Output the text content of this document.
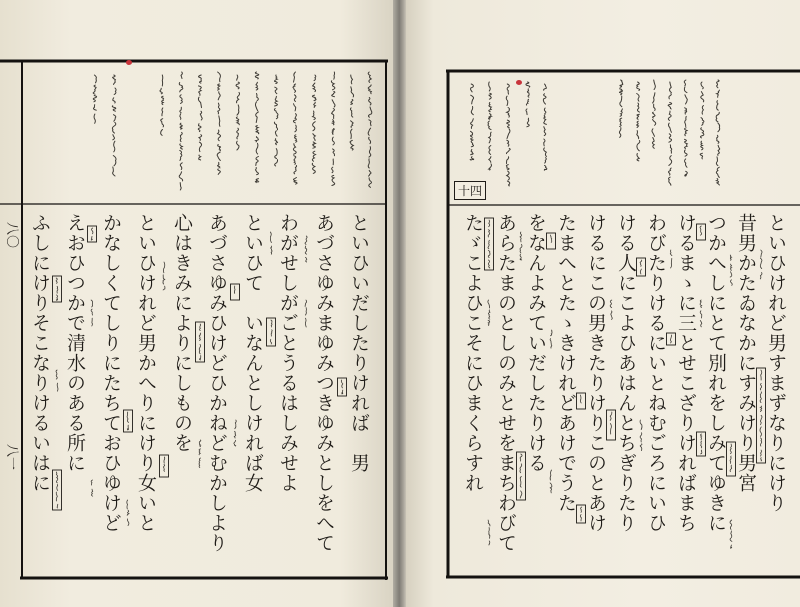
八〇
八一
十四
といひいだしたりければ　男
あづさゆみまゆみつきゆみとしをへて
わがせしがごとうるはしみせよ
といひて　いなんとしければ女
あづさゆみひけどひかねどむかしより
心はきみによりにしものを
といひけれど男かへりにけり女いと
かなしくてしりにたちておひゆけど
えおひつかで清水のある所に
ふしにけりそこなりけるいはに	といひけれど男すまずなりにけり
昔男かたゐなかにすみけり男宮
つかへしにとて別れをしみてゆきに
けるまゝに三とせこざりければまち
わびたりけるにいとねむごろにいひ
ける人にこよひあはんとちぎりたり
けるにこの男きたりけりこのとあけ
たまへとたゝきけれどあけでうた
をなんよみていだしたりける
あらたまのとしのみとせをまちわびて
たゞこよひこそにひまくらすれ
